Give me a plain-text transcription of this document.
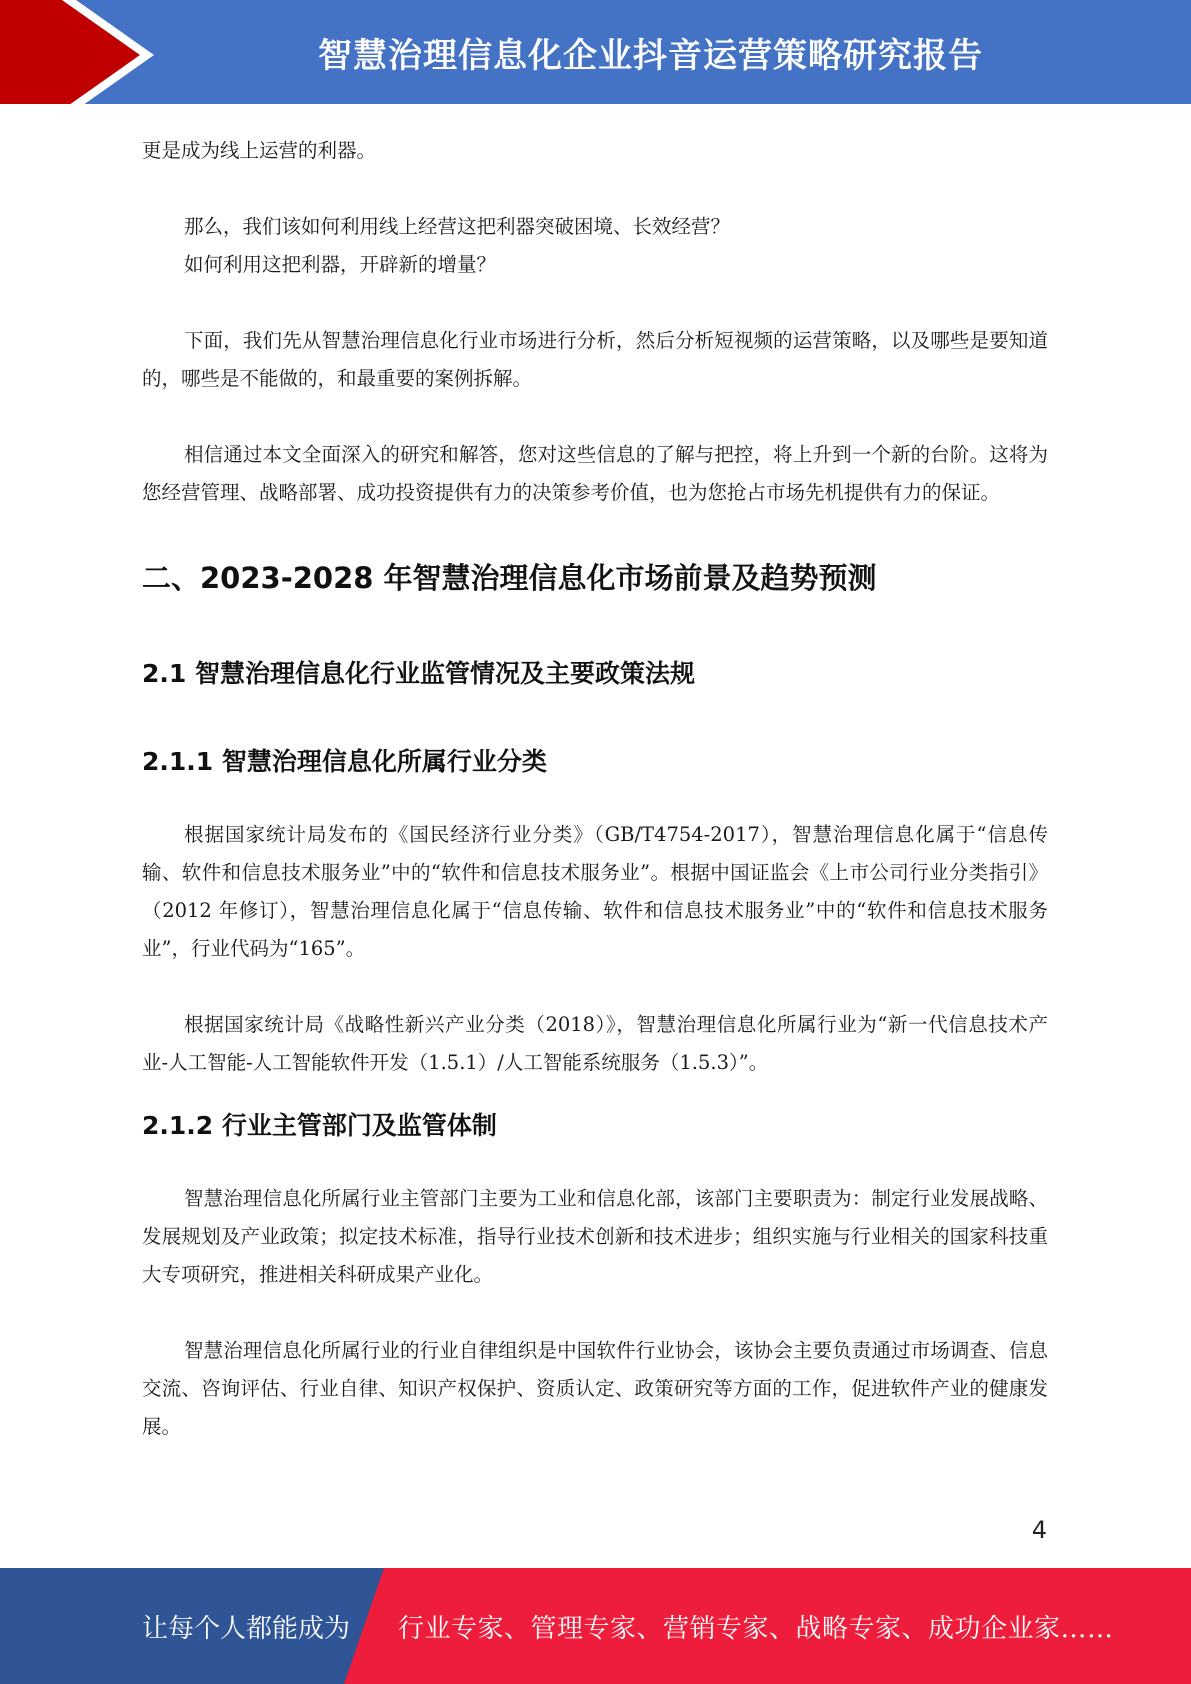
智慧治理信息化企业抖音运营策略研究报告

更是成为线上运营的利器。

那么，我们该如何利用线上经营这把利器突破困境、长效经营？

如何利用这把利器，开辟新的增量？

下面，我们先从智慧治理信息化行业市场进行分析，然后分析短视频的运营策略，以及哪些是要知道的，哪些是不能做的，和最重要的案例拆解。

相信通过本文全面深入的研究和解答，您对这些信息的了解与把控，将上升到一个新的台阶。这将为您经营管理、战略部署、成功投资提供有力的决策参考价值，也为您抢占市场先机提供有力的保证。

二、2023-2028 年智慧治理信息化市场前景及趋势预测
2.1 智慧治理信息化行业监管情况及主要政策法规
2.1.1 智慧治理信息化所属行业分类

根据国家统计局发布的《国民经济行业分类》（GB/T4754-2017），智慧治理信息化属于“信息传输、软件和信息技术服务业”中的“软件和信息技术服务业”。根据中国证监会《上市公司行业分类指引》（2012 年修订），智慧治理信息化属于“信息传输、软件和信息技术服务业”中的“软件和信息技术服务业”，行业代码为“165”。

根据国家统计局《战略性新兴产业分类（2018）》，智慧治理信息化所属行业为“新一代信息技术产业-人工智能-人工智能软件开发（1.5.1）/人工智能系统服务（1.5.3）”。

2.1.2 行业主管部门及监管体制

智慧治理信息化所属行业主管部门主要为工业和信息化部，该部门主要职责为：制定行业发展战略、发展规划及产业政策；拟定技术标准，指导行业技术创新和技术进步；组织实施与行业相关的国家科技重大专项研究，推进相关科研成果产业化。

智慧治理信息化所属行业的行业自律组织是中国软件行业协会，该协会主要负责通过市场调查、信息交流、咨询评估、行业自律、知识产权保护、资质认定、政策研究等方面的工作，促进软件产业的健康发展。

4
让每个人都能成为	行业专家、管理专家、营销专家、战略专家、成功企业家……
